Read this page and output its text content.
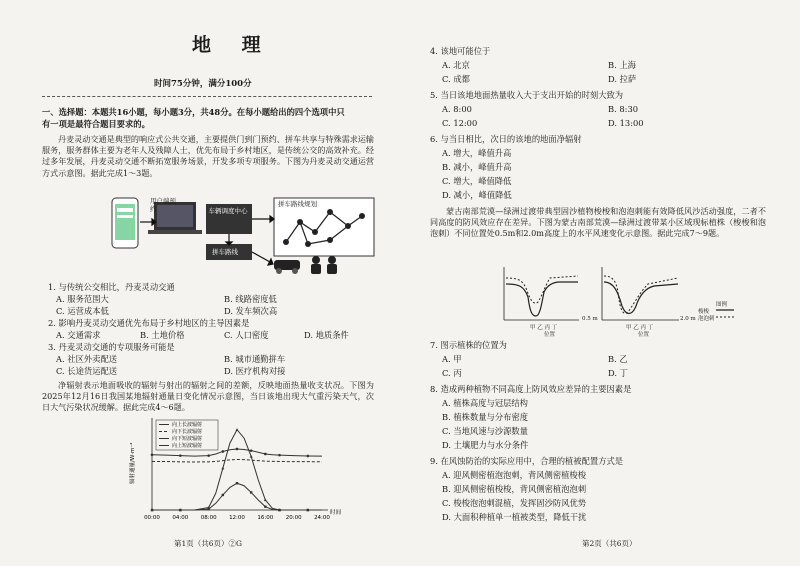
地 理
时间75分钟，满分100分
一、选择题：本题共16小题，每小题3分，共48分。在每小题给出的四个选项中只
有一项是最符合题目要求的。
丹麦灵动交通是典型的响应式公共交通，主要提供门到门预约、拼车共享与特殊需求运输服务，服务群体主要为老年人及残障人士，优先布局于乡村地区，是传统公交的高效补充。经过多年发展，丹麦灵动交通不断拓宽服务场景，开发多项专项服务。下图为丹麦灵动交通运营方式示意图。据此完成1～3题。
用户端预约	车辆调度中心
拼车路线规划
拼车路线
1. 与传统公交相比，丹麦灵动交通
A. 服务范围大	B. 线路密度低
C. 运营成本低	D. 发车频次高
2. 影响丹麦灵动交通优先布局于乡村地区的主导因素是
A. 交通需求	B. 土地价格	C. 人口密度	D. 地质条件
3. 丹麦灵动交通的专项服务可能是
A. 社区外卖配送	B. 城市通勤拼车
C. 长途货运配送	D. 医疗机构对接
净辐射表示地面吸收的辐射与射出的辐射之间的差额，反映地面热量收支状况。下图为2025年12月16日我国某地辐射通量日变化情况示意图，当日该地出现大气重污染天气，次日大气污染状况缓解。据此完成4～6题。
00:00 04:00 08:00 12:00 16:00 20:00 24:00
时间
辐射通量/W·m⁻²
向上长波辐射
向下长波辐射
向下短波辐射
向上短波辐射
第1页（共6页）②G
4. 该地可能位于
A. 北京	B. 上海
C. 成都	D. 拉萨
5. 当日该地地面热量收入大于支出开始的时刻大致为
A. 8:00	B. 8:30
C. 12:00	D. 13:00
6. 与当日相比，次日的该地的地面净辐射
A. 增大，峰值升高
B. 减小，峰值升高
C. 增大，峰值降低
D. 减小，峰值降低
蒙古南部荒漠—绿洲过渡带典型固沙植物梭梭和泡泡刺能有效降低风沙活动强度，二者不同高度的防风效应存在差异。下图为蒙古南部荒漠—绿洲过渡带某小区域现标植株（梭梭和泡泡刺）不同位置处0.5m和2.0m高度上的水平风速变化示意图。据此完成7～9题。
甲 乙 丙 丁	甲 乙 丙 丁
位置	位置
0.5 m	2.0 m
图例
梭梭
泡泡刺
7. 图示植株的位置为
A. 甲	B. 乙
C. 丙	D. 丁
8. 造成两种植物不同高度上防风效应差异的主要因素是
A. 植株高度与冠层结构
B. 植株数量与分布密度
C. 当地风速与沙源数量
D. 土壤肥力与水分条件
9. 在风蚀防治的实际应用中，合理的植被配置方式是
A. 迎风侧密植泡泡刺，背风侧密植梭梭
B. 迎风侧密植梭梭，背风侧密植泡泡刺
C. 梭梭泡泡刺混植，发挥固沙防风优势
D. 大面积种植单一植被类型，降低干扰
第2页（共6页）
